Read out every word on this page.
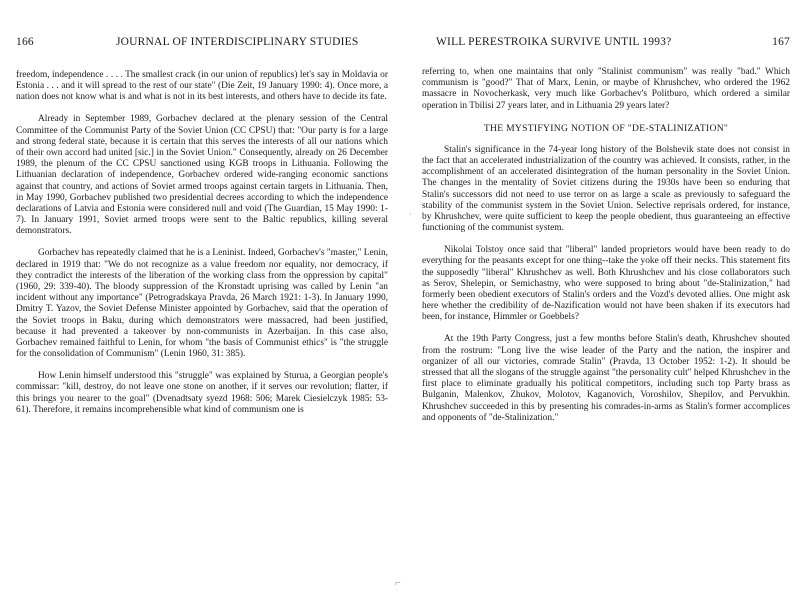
166	JOURNAL OF INTERDISCIPLINARY STUDIES

freedom, independence . . . . The smallest crack (in our union of republics) let's say in Moldavia or Estonia . . . and it will spread to the rest of our state" (Die Zeit, 19 January 1990: 4). Once more, a nation does not know what is and what is not in its best interests, and others have to decide its fate.

Already in September 1989, Gorbachev declared at the plenary session of the Central Committee of the Communist Party of the Soviet Union (CC CPSU) that: "Our party is for a large and strong federal state, because it is certain that this serves the interests of all our nations which of their own accord had united [sic.] in the Soviet Union." Consequently, already on 26 December 1989, the plenum of the CC CPSU sanctioned using KGB troops in Lithuania. Following the Lithuanian declaration of independence, Gorbachev ordered wide-ranging economic sanctions against that country, and actions of Soviet armed troops against certain targets in Lithuania. Then, in May 1990, Gorbachev published two presidential decrees according to which the independence declarations of Latvia and Estonia were considered null and void (The Guardian, 15 May 1990: 1-7). In January 1991, Soviet armed troops were sent to the Baltic republics, killing several demonstrators.

Gorbachev has repeatedly claimed that he is a Leninist. Indeed, Gorbachev's "master," Lenin, declared in 1919 that: "We do not recognize as a value freedom nor equality, nor democracy, if they contradict the interests of the liberation of the working class from the oppression by capital" (1960, 29: 339-40). The bloody suppression of the Kronstadt uprising was called by Lenin "an incident without any importance" (Petrogradskaya Pravda, 26 March 1921: 1-3). In January 1990, Dmitry T. Yazov, the Soviet Defense Minister appointed by Gorbachev, said that the operation of the Soviet troops in Baku, during which demonstrators were massacred, had been justified, because it had prevented a takeover by non-communists in Azerbaijan. In this case also, Gorbachev remained faithful to Lenin, for whom "the basis of Communist ethics" is "the struggle for the consolidation of Communism" (Lenin 1960, 31: 385).

How Lenin himself understood this "struggle" was explained by Sturua, a Georgian people's commissar: "kill, destroy, do not leave one stone on another, if it serves our revolution; flatter, if this brings you nearer to the goal" (Dvenadtsaty syezd 1968: 506; Marek Ciesielczyk 1985: 53-61). Therefore, it remains incomprehensible what kind of communism one is

WILL PERESTROIKA SURVIVE UNTIL 1993?	167

referring to, when one maintains that only "Stalinist communism" was really "bad." Which communism is "good?" That of Marx, Lenin, or maybe of Khrushchev, who ordered the 1962 massacre in Novocherkask, very much like Gorbachev's Politburo, which ordered a similar operation in Tbilisi 27 years later, and in Lithuania 29 years later?

THE MYSTIFYING NOTION OF "DE-STALINIZATION"

Stalin's significance in the 74-year long history of the Bolshevik state does not consist in the fact that an accelerated industrialization of the country was achieved. It consists, rather, in the accomplishment of an accelerated disintegration of the human personality in the Soviet Union. The changes in the mentality of Soviet citizens during the 1930s have been so enduring that Stalin's successors did not need to use terror on as large a scale as previously to safeguard the stability of the communist system in the Soviet Union. Selective reprisals ordered, for instance, by Khrushchev, were quite sufficient to keep the people obedient, thus guaranteeing an effective functioning of the communist system.

Nikolai Tolstoy once said that "liberal" landed proprietors would have been ready to do everything for the peasants except for one thing--take the yoke off their necks. This statement fits the supposedly "liberal" Khrushchev as well. Both Khrushchev and his close collaborators such as Serov, Shelepin, or Semichastny, who were supposed to bring about "de-Stalinization," had formerly been obedient executors of Stalin's orders and the Vozd's devoted allies. One might ask here whether the credibility of de-Nazification would not have been shaken if its executors had been, for instance, Himmler or Goebbels?

At the 19th Party Congress, just a few months before Stalin's death, Khrushchev shouted from the rostrum: "Long live the wise leader of the Party and the nation, the inspirer and organizer of all our victories, comrade Stalin" (Pravda, 13 October 1952: 1-2). It should be stressed that all the slogans of the struggle against "the personality cult" helped Khrushchev in the first place to eliminate gradually his political competitors, including such top Party brass as Bulganin, Malenkov, Zhukov, Molotov, Kaganovich, Voroshilov, Shepilov, and Pervukhin. Khrushchev succeeded in this by presenting his comrades-in-arms as Stalin's former accomplices and opponents of "de-Stalinization."

·
⌐
